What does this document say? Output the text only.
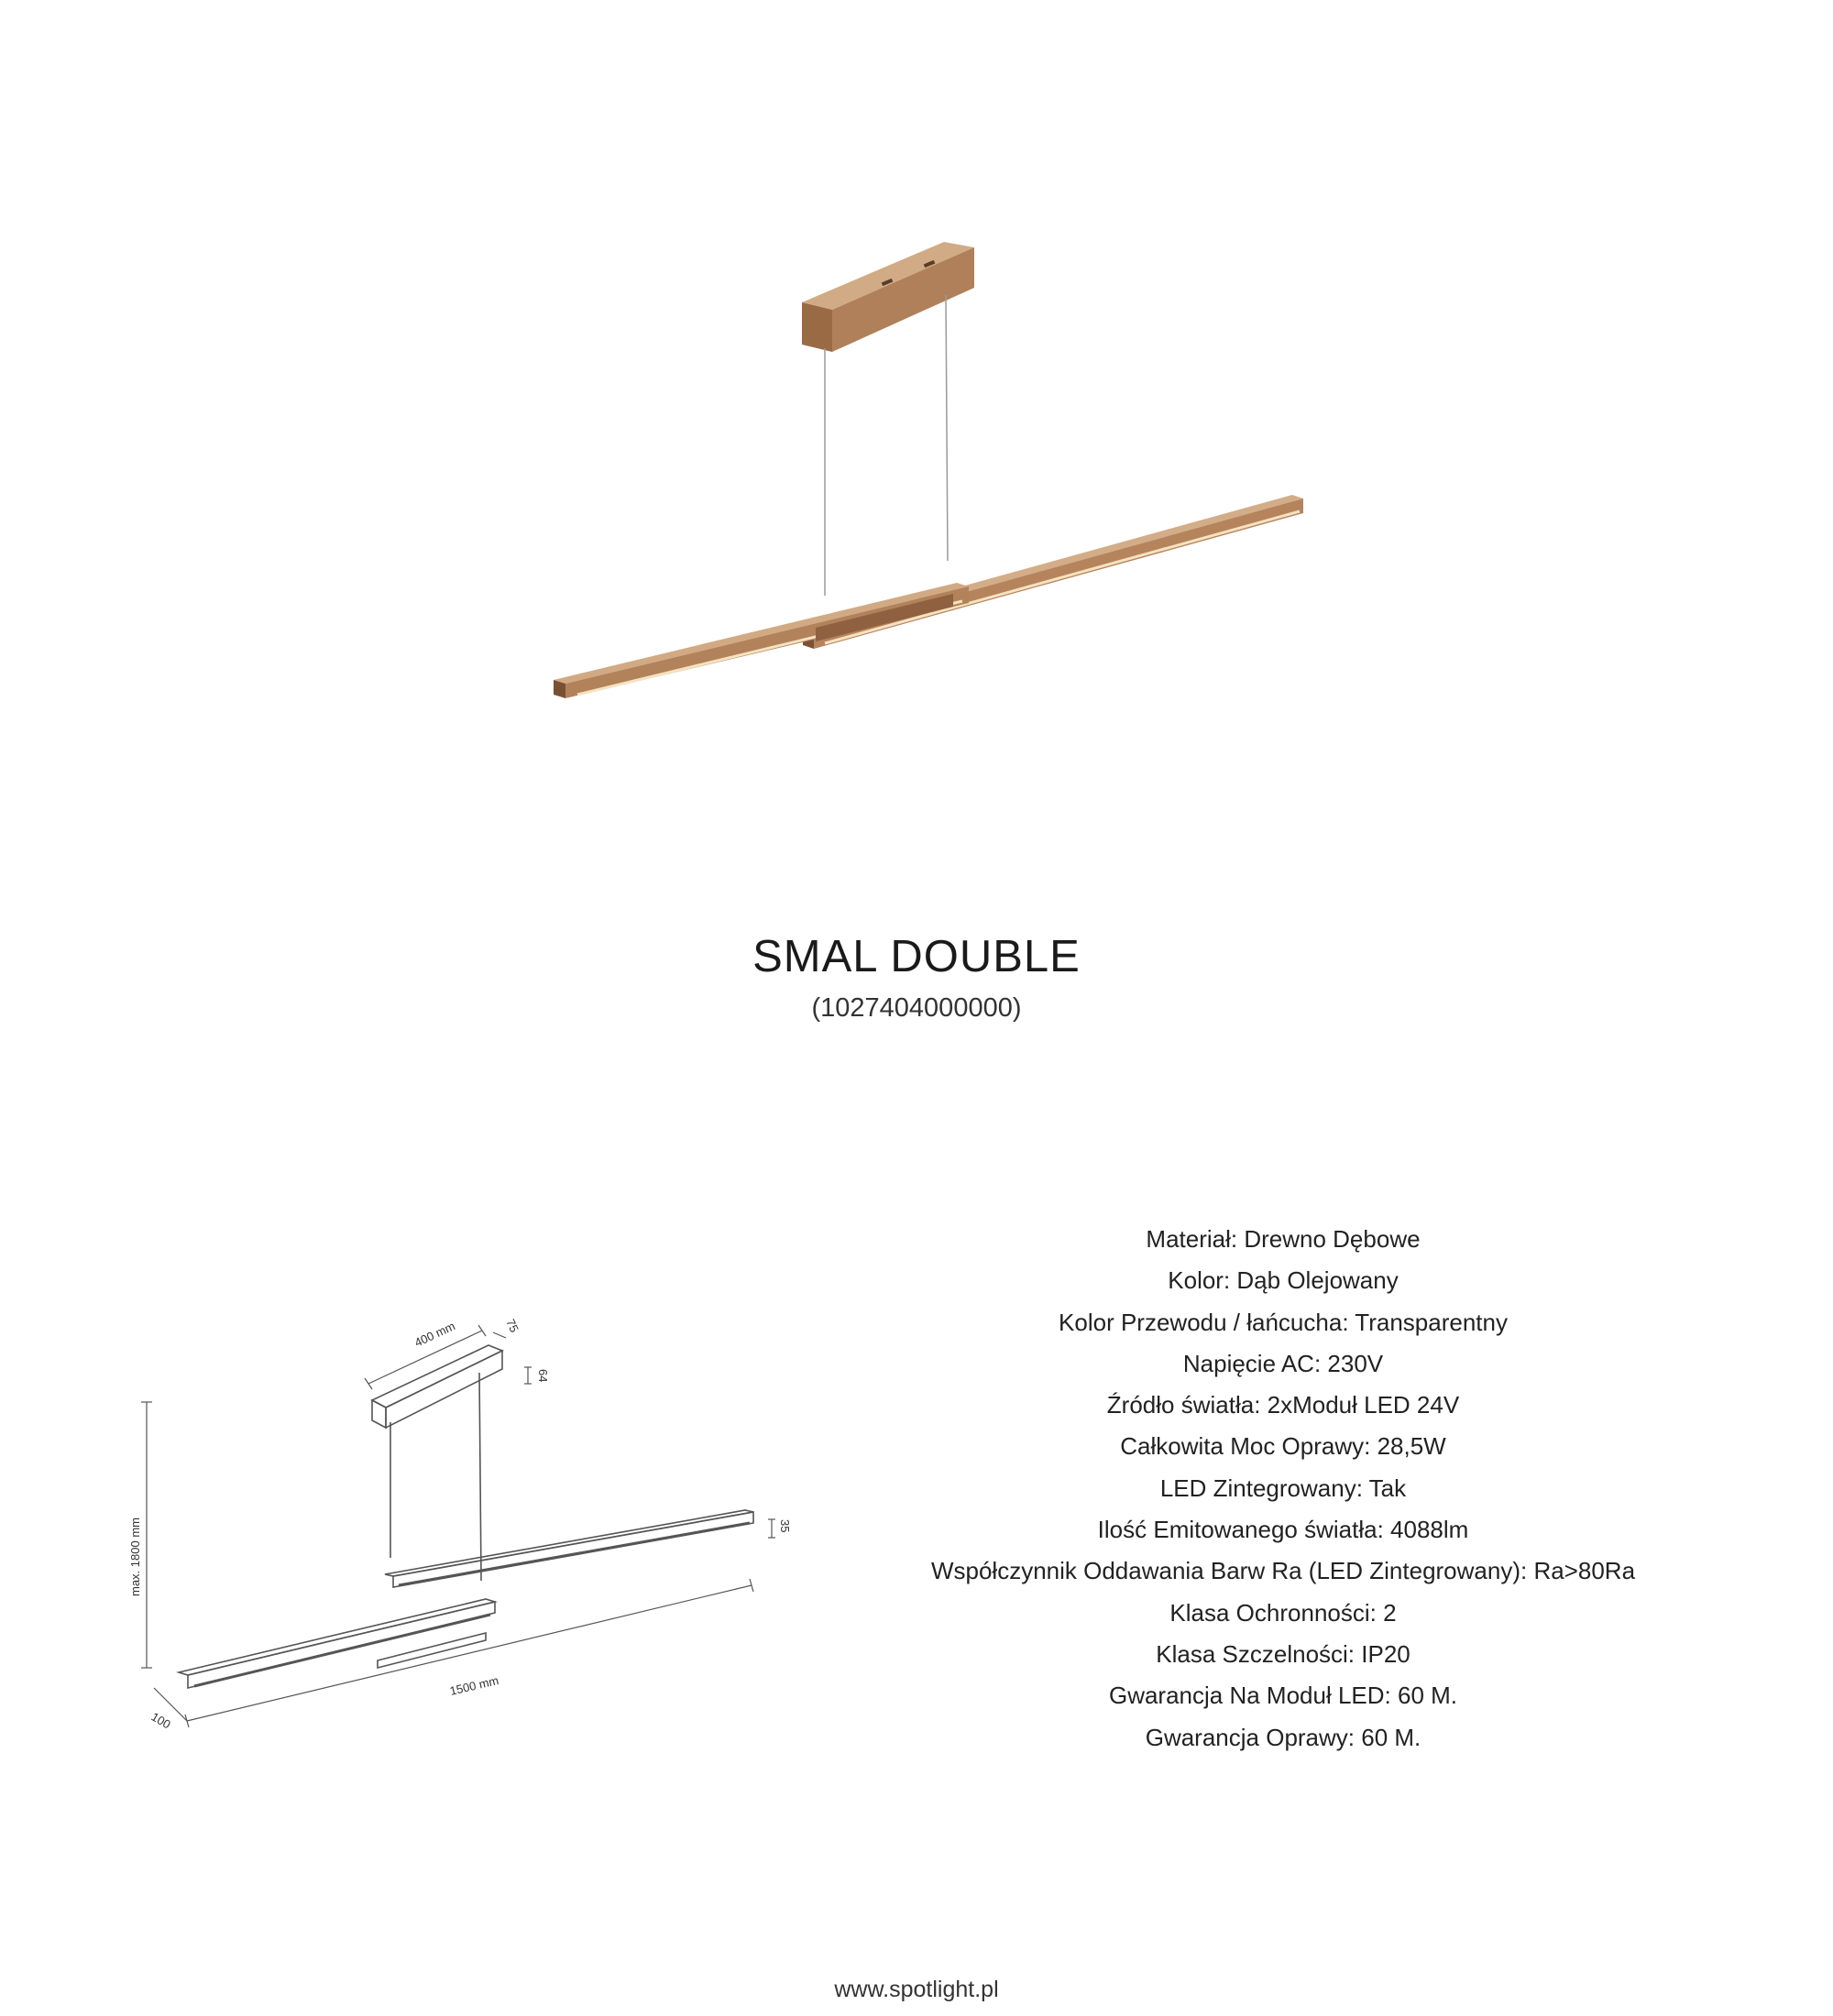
SMAL DOUBLE
(1027404000000)
400 mm	75
64
35
max. 1800 mm
1500 mm
100
Materiał: Drewno Dębowe
Kolor: Dąb Olejowany
Kolor Przewodu / łańcucha: Transparentny
Napięcie AC: 230V
Źródło światła: 2xModuł LED 24V
Całkowita Moc Oprawy: 28,5W
LED Zintegrowany: Tak
Ilość Emitowanego światła: 4088lm
Współczynnik Oddawania Barw Ra (LED Zintegrowany): Ra>80Ra
Klasa Ochronności: 2
Klasa Szczelności: IP20
Gwarancja Na Moduł LED: 60 M.
Gwarancja Oprawy: 60 M.
www.spotlight.pl
